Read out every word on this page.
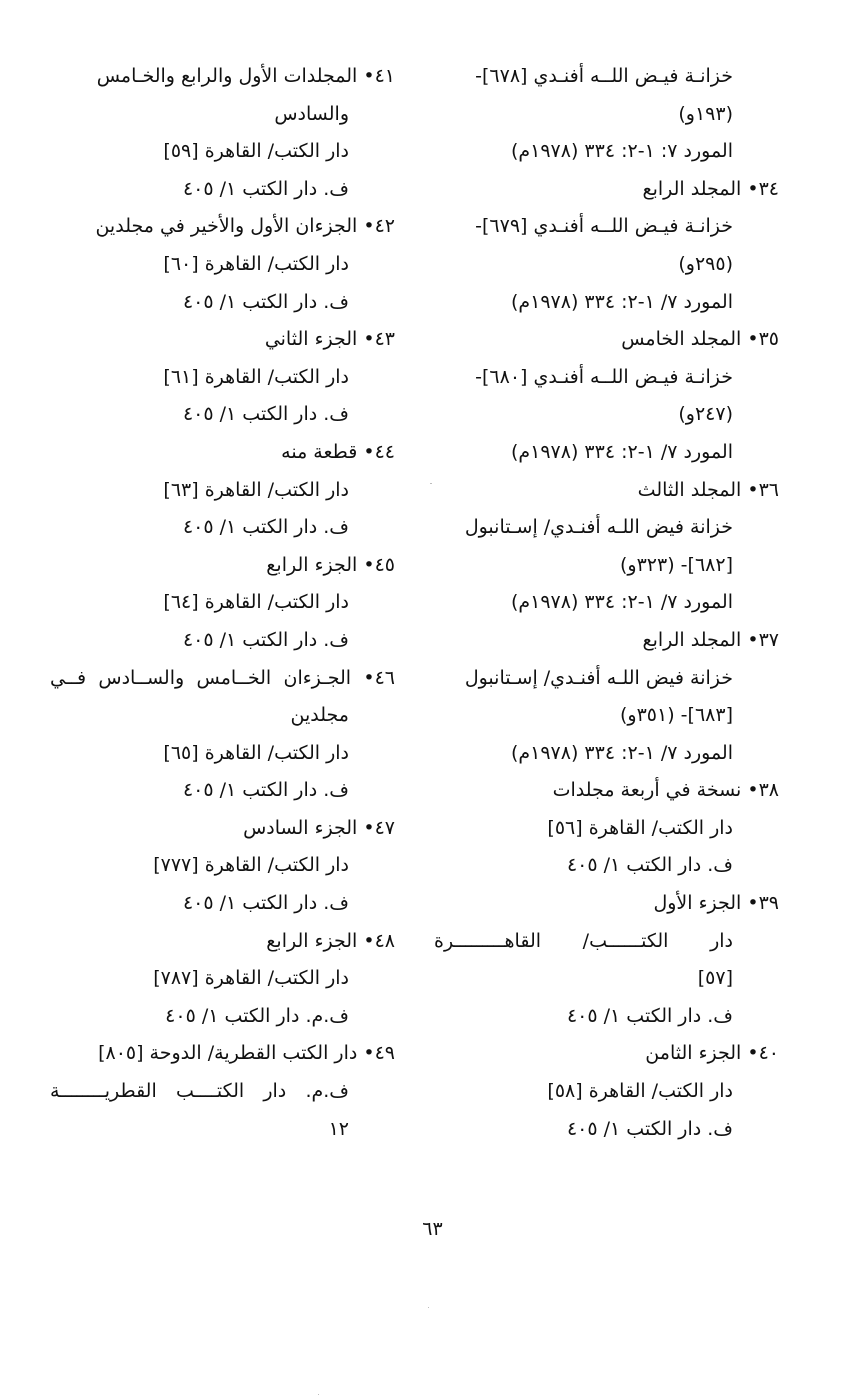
خزانـة فيـض اللــه أفنـدي [٦٧٨]-
(١٩٣و)
المورد ٧: ١-٢: ٣٣٤ (١٩٧٨م)
٣٤• المجلد الرابع
خزانـة فيـض اللــه أفنـدي [٦٧٩]-
(٢٩٥و)
المورد ٧/ ١-٢: ٣٣٤ (١٩٧٨م)
٣٥• المجلد الخامس
خزانـة فيـض اللــه أفنـدي [٦٨٠]-
(٢٤٧و)
المورد ٧/ ١-٢: ٣٣٤ (١٩٧٨م)
٣٦• المجلد الثالث
خزانة فيض اللـه أفنـدي/ إسـتانبول
[٦٨٢]- (٣٢٣و)
المورد ٧/ ١-٢: ٣٣٤ (١٩٧٨م)
٣٧• المجلد الرابع
خزانة فيض اللـه أفنـدي/ إسـتانبول
[٦٨٣]- (٣٥١و)
المورد ٧/ ١-٢: ٣٣٤ (١٩٧٨م)
٣٨• نسخة في أربعة مجلدات
دار الكتب/ القاهرة [٥٦]
ف. دار الكتب ١/ ٤٠٥
٣٩• الجزء الأول
دار الكتــــــب/ القاهـــــــــرة
[٥٧]
ف. دار الكتب ١/ ٤٠٥
٤٠• الجزء الثامن
دار الكتب/ القاهرة [٥٨]
ف. دار الكتب ١/ ٤٠٥
٤١• المجلدات الأول والرابع والخـامس
والسادس
دار الكتب/ القاهرة [٥٩]
ف. دار الكتب ١/ ٤٠٥
٤٢• الجزءان الأول والأخير في مجلدين
دار الكتب/ القاهرة [٦٠]
ف. دار الكتب ١/ ٤٠٥
٤٣• الجزء الثاني
دار الكتب/ القاهرة [٦١]
ف. دار الكتب ١/ ٤٠٥
٤٤• قطعة منه
دار الكتب/ القاهرة [٦٣]
ف. دار الكتب ١/ ٤٠٥
٤٥• الجزء الرابع
دار الكتب/ القاهرة [٦٤]
ف. دار الكتب ١/ ٤٠٥
٤٦• الجـزءان الخــامس والســادس فــي
مجلدين
دار الكتب/ القاهرة [٦٥]
ف. دار الكتب ١/ ٤٠٥
٤٧• الجزء السادس
دار الكتب/ القاهرة [٧٧٧]
ف. دار الكتب ١/ ٤٠٥
٤٨• الجزء الرابع
دار الكتب/ القاهرة [٧٨٧]
ف.م. دار الكتب ١/ ٤٠٥
٤٩• دار الكتب القطرية/ الدوحة [٨٠٥]
ف.م. دار الكتــــب القطريــــــــة
١٢
٦٣
